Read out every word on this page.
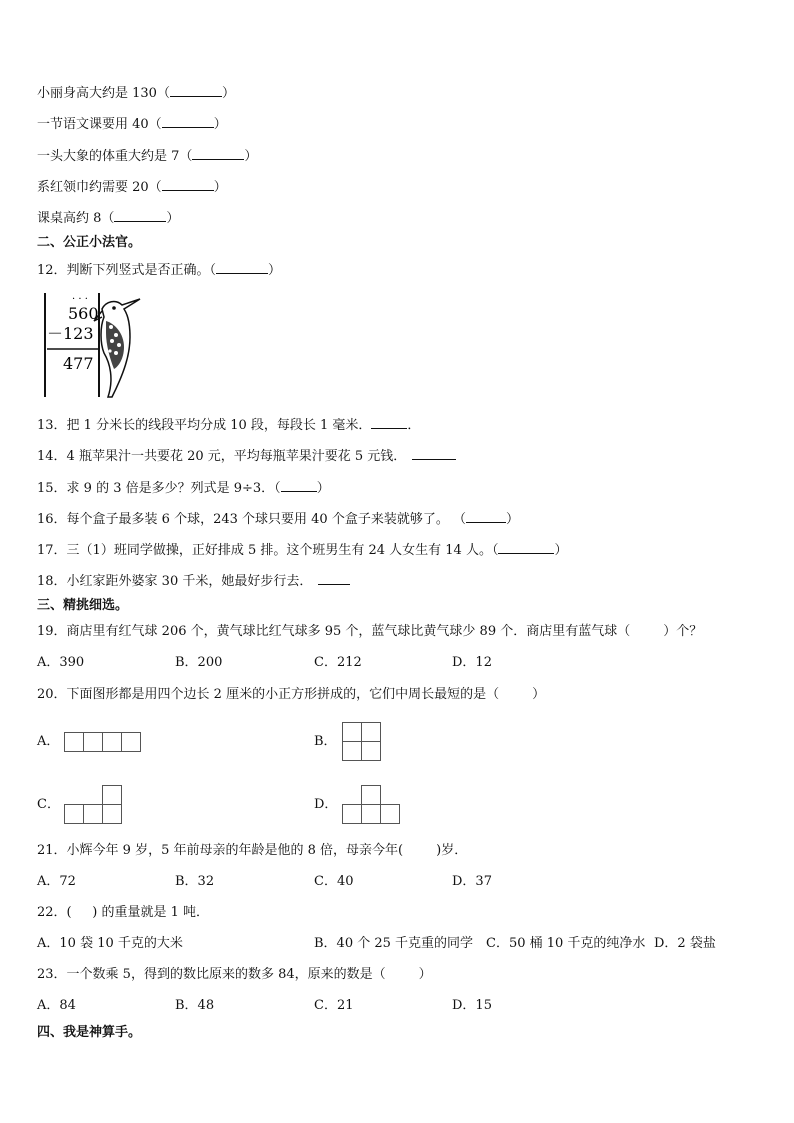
小丽身高大约是 130（	）
一节语文课要用 40（	）
一头大象的体重大约是 7（	）
系红领巾约需要 20（	）
课桌高约 8（	）
二、公正小法官。
12．判断下列竖式是否正确。（	）
· · ·
560
－123
477
13．把 1 分米长的线段平均分成 10 段，每段长 1 毫米．	．
14．4 瓶苹果汁一共要花 20 元，平均每瓶苹果汁要花 5 元钱．
15．求 9 的 3 倍是多少？列式是 9÷3．（	）
16．每个盒子最多装 6 个球，243 个球只要用 40 个盒子来装就够了。 （	）
17．三（1）班同学做操，正好排成 5 排。这个班男生有 24 人女生有 14 人。（	）
18．小红家距外婆家 30 千米，她最好步行去．
三、精挑细选。
19．商店里有红气球 206 个，黄气球比红气球多 95 个，蓝气球比黄气球少 89 个．商店里有蓝气球（        ）个？
A．390	B．200	C．212	D．12
20．下面图形都是用四个边长 2 厘米的小正方形拼成的，它们中周长最短的是（        ）
A．	B．
C．	D．
21．小辉今年 9 岁，5 年前母亲的年龄是他的 8 倍，母亲今年(        )岁．
A．72	B．32	C．40	D．37
22．(     ) 的重量就是 1 吨．
A．10 袋 10 千克的大米	B．40 个 25 千克重的同学 C．50 桶 10 千克的纯净水 D．2 袋盐
23．一个数乘 5，得到的数比原来的数多 84，原来的数是（        ）
A．84	B．48	C．21	D．15
四、我是神算手。
